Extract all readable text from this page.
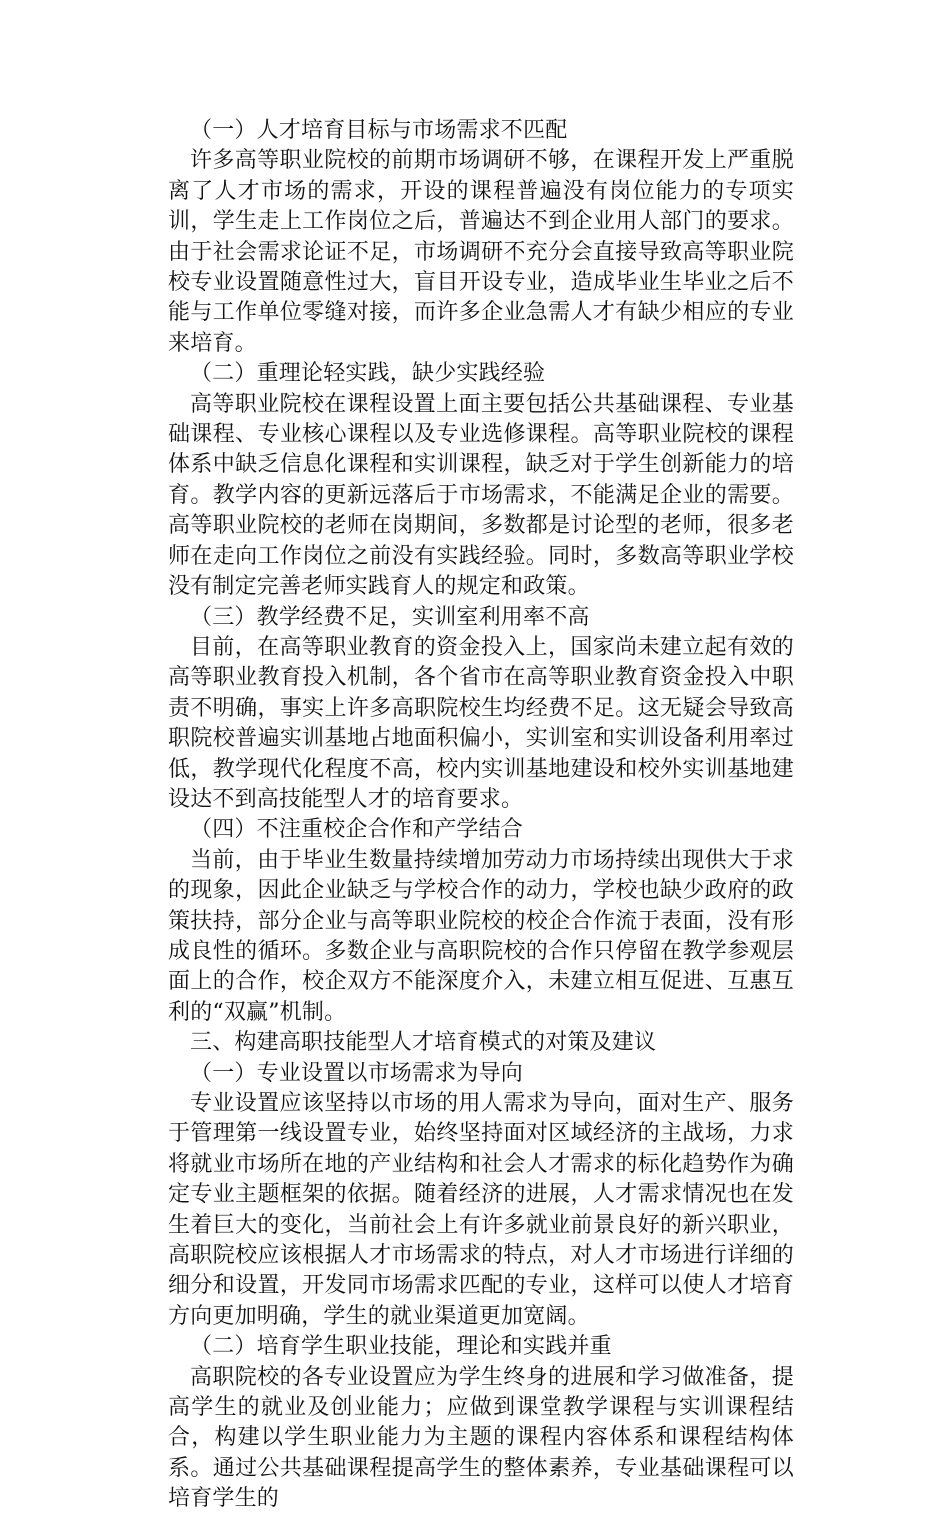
（一）人才培育目标与市场需求不匹配

许多高等职业院校的前期市场调研不够，在课程开发上严重脱离了人才市场的需求，开设的课程普遍没有岗位能力的专项实训，学生走上工作岗位之后，普遍达不到企业用人部门的要求。由于社会需求论证不足，市场调研不充分会直接导致高等职业院校专业设置随意性过大，盲目开设专业，造成毕业生毕业之后不能与工作单位零缝对接，而许多企业急需人才有缺少相应的专业来培育。

（二）重理论轻实践，缺少实践经验

高等职业院校在课程设置上面主要包括公共基础课程、专业基础课程、专业核心课程以及专业选修课程。高等职业院校的课程体系中缺乏信息化课程和实训课程，缺乏对于学生创新能力的培育。教学内容的更新远落后于市场需求，不能满足企业的需要。高等职业院校的老师在岗期间，多数都是讨论型的老师，很多老师在走向工作岗位之前没有实践经验。同时，多数高等职业学校没有制定完善老师实践育人的规定和政策。

（三）教学经费不足，实训室利用率不高

目前，在高等职业教育的资金投入上，国家尚未建立起有效的高等职业教育投入机制，各个省市在高等职业教育资金投入中职责不明确，事实上许多高职院校生均经费不足。这无疑会导致高职院校普遍实训基地占地面积偏小，实训室和实训设备利用率过低，教学现代化程度不高，校内实训基地建设和校外实训基地建设达不到高技能型人才的培育要求。

（四）不注重校企合作和产学结合

当前，由于毕业生数量持续增加劳动力市场持续出现供大于求的现象，因此企业缺乏与学校合作的动力，学校也缺少政府的政策扶持，部分企业与高等职业院校的校企合作流于表面，没有形成良性的循环。多数企业与高职院校的合作只停留在教学参观层面上的合作，校企双方不能深度介入，未建立相互促进、互惠互利的“双赢”机制。

三、构建高职技能型人才培育模式的对策及建议

（一）专业设置以市场需求为导向

专业设置应该坚持以市场的用人需求为导向，面对生产、服务于管理第一线设置专业，始终坚持面对区域经济的主战场，力求将就业市场所在地的产业结构和社会人才需求的标化趋势作为确定专业主题框架的依据。随着经济的进展，人才需求情况也在发生着巨大的变化，当前社会上有许多就业前景良好的新兴职业，高职院校应该根据人才市场需求的特点，对人才市场进行详细的细分和设置，开发同市场需求匹配的专业，这样可以使人才培育方向更加明确，学生的就业渠道更加宽阔。

（二）培育学生职业技能，理论和实践并重

高职院校的各专业设置应为学生终身的进展和学习做准备，提高学生的就业及创业能力；应做到课堂教学课程与实训课程结合，构建以学生职业能力为主题的课程内容体系和课程结构体系。通过公共基础课程提高学生的整体素养，专业基础课程可以培育学生的
